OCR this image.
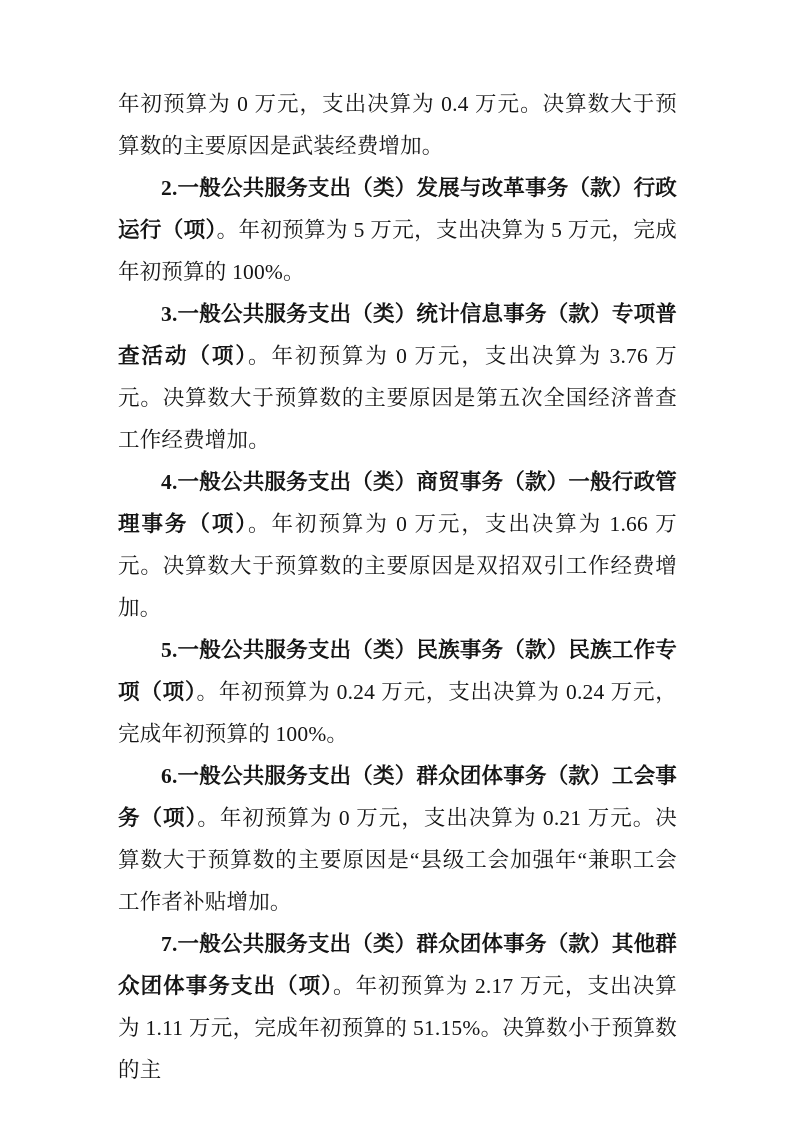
年初预算为 0 万元，支出决算为 0.4 万元。决算数大于预算数的主要原因是武装经费增加。

2.一般公共服务支出（类）发展与改革事务（款）行政运行（项）。年初预算为 5 万元，支出决算为 5 万元，完成年初预算的 100%。

3.一般公共服务支出（类）统计信息事务（款）专项普查活动（项）。年初预算为 0 万元，支出决算为 3.76 万元。决算数大于预算数的主要原因是第五次全国经济普查工作经费增加。

4.一般公共服务支出（类）商贸事务（款）一般行政管理事务（项）。年初预算为 0 万元，支出决算为 1.66 万元。决算数大于预算数的主要原因是双招双引工作经费增加。

5.一般公共服务支出（类）民族事务（款）民族工作专项（项）。年初预算为 0.24 万元，支出决算为 0.24 万元，完成年初预算的 100%。

6.一般公共服务支出（类）群众团体事务（款）工会事务（项）。年初预算为 0 万元，支出决算为 0.21 万元。决算数大于预算数的主要原因是“县级工会加强年“兼职工会工作者补贴增加。

7.一般公共服务支出（类）群众团体事务（款）其他群众团体事务支出（项）。年初预算为 2.17 万元，支出决算为 1.11 万元，完成年初预算的 51.15%。决算数小于预算数的主
